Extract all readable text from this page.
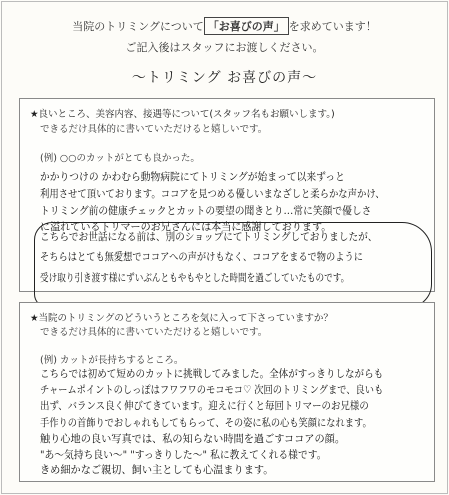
当院のトリミングについて 「お喜びの声」 を求めています！
ご記入後はスタッフにお渡しください。
〜トリミング お喜びの声〜
★良いところ、美容内容、接遇等について(スタッフ名もお願いします。)
できるだけ具体的に書いていただけると嬉しいです。
(例) ○○のカットがとても良かった。
かかりつけの かわむら動物病院にてトリミングが始まって以来ずっと
利用させて頂いております。ココアを見つめる優しいまなざしと柔らかな声かけ、
トリミング前の健康チェックとカットの要望の聞きとり…常に笑顔で優しさ
に溢れているトリマーのお兄さんには本当に感謝しております。
こちらでお世話になる前は、別のショップにてトリミングしておりましたが、
そちらはとても無愛想でココアへの声がけもなく、ココアをまるで物のように
受け取り引き渡す様にずいぶんともやもやとした時間を過ごしていたものです。
★当院のトリミングのどういうところを気に入って下さっていますか？
できるだけ具体的に書いていただけると嬉しいです。
(例) カットが長持ちするところ。
こちらでは初めて短めのカットに挑戦してみました。全体がすっきりしながらも
チャームポイントのしっぽはフワフワのモコモコ♡ 次回のトリミングまで、良いも
出ず、バランス良く伸びてきています。迎えに行くと毎回トリマーのお兄様の
手作りの首飾りでおしゃれもしてもらって、その姿に私の心も笑顔になれます。
触り心地の良い写真では、私の知らない時間を過ごすココアの顔。
"あ〜気持ち良い〜" "すっきりした〜" 私に教えてくれる様です。
きめ細かなご親切、飼い主としても心温まります。
